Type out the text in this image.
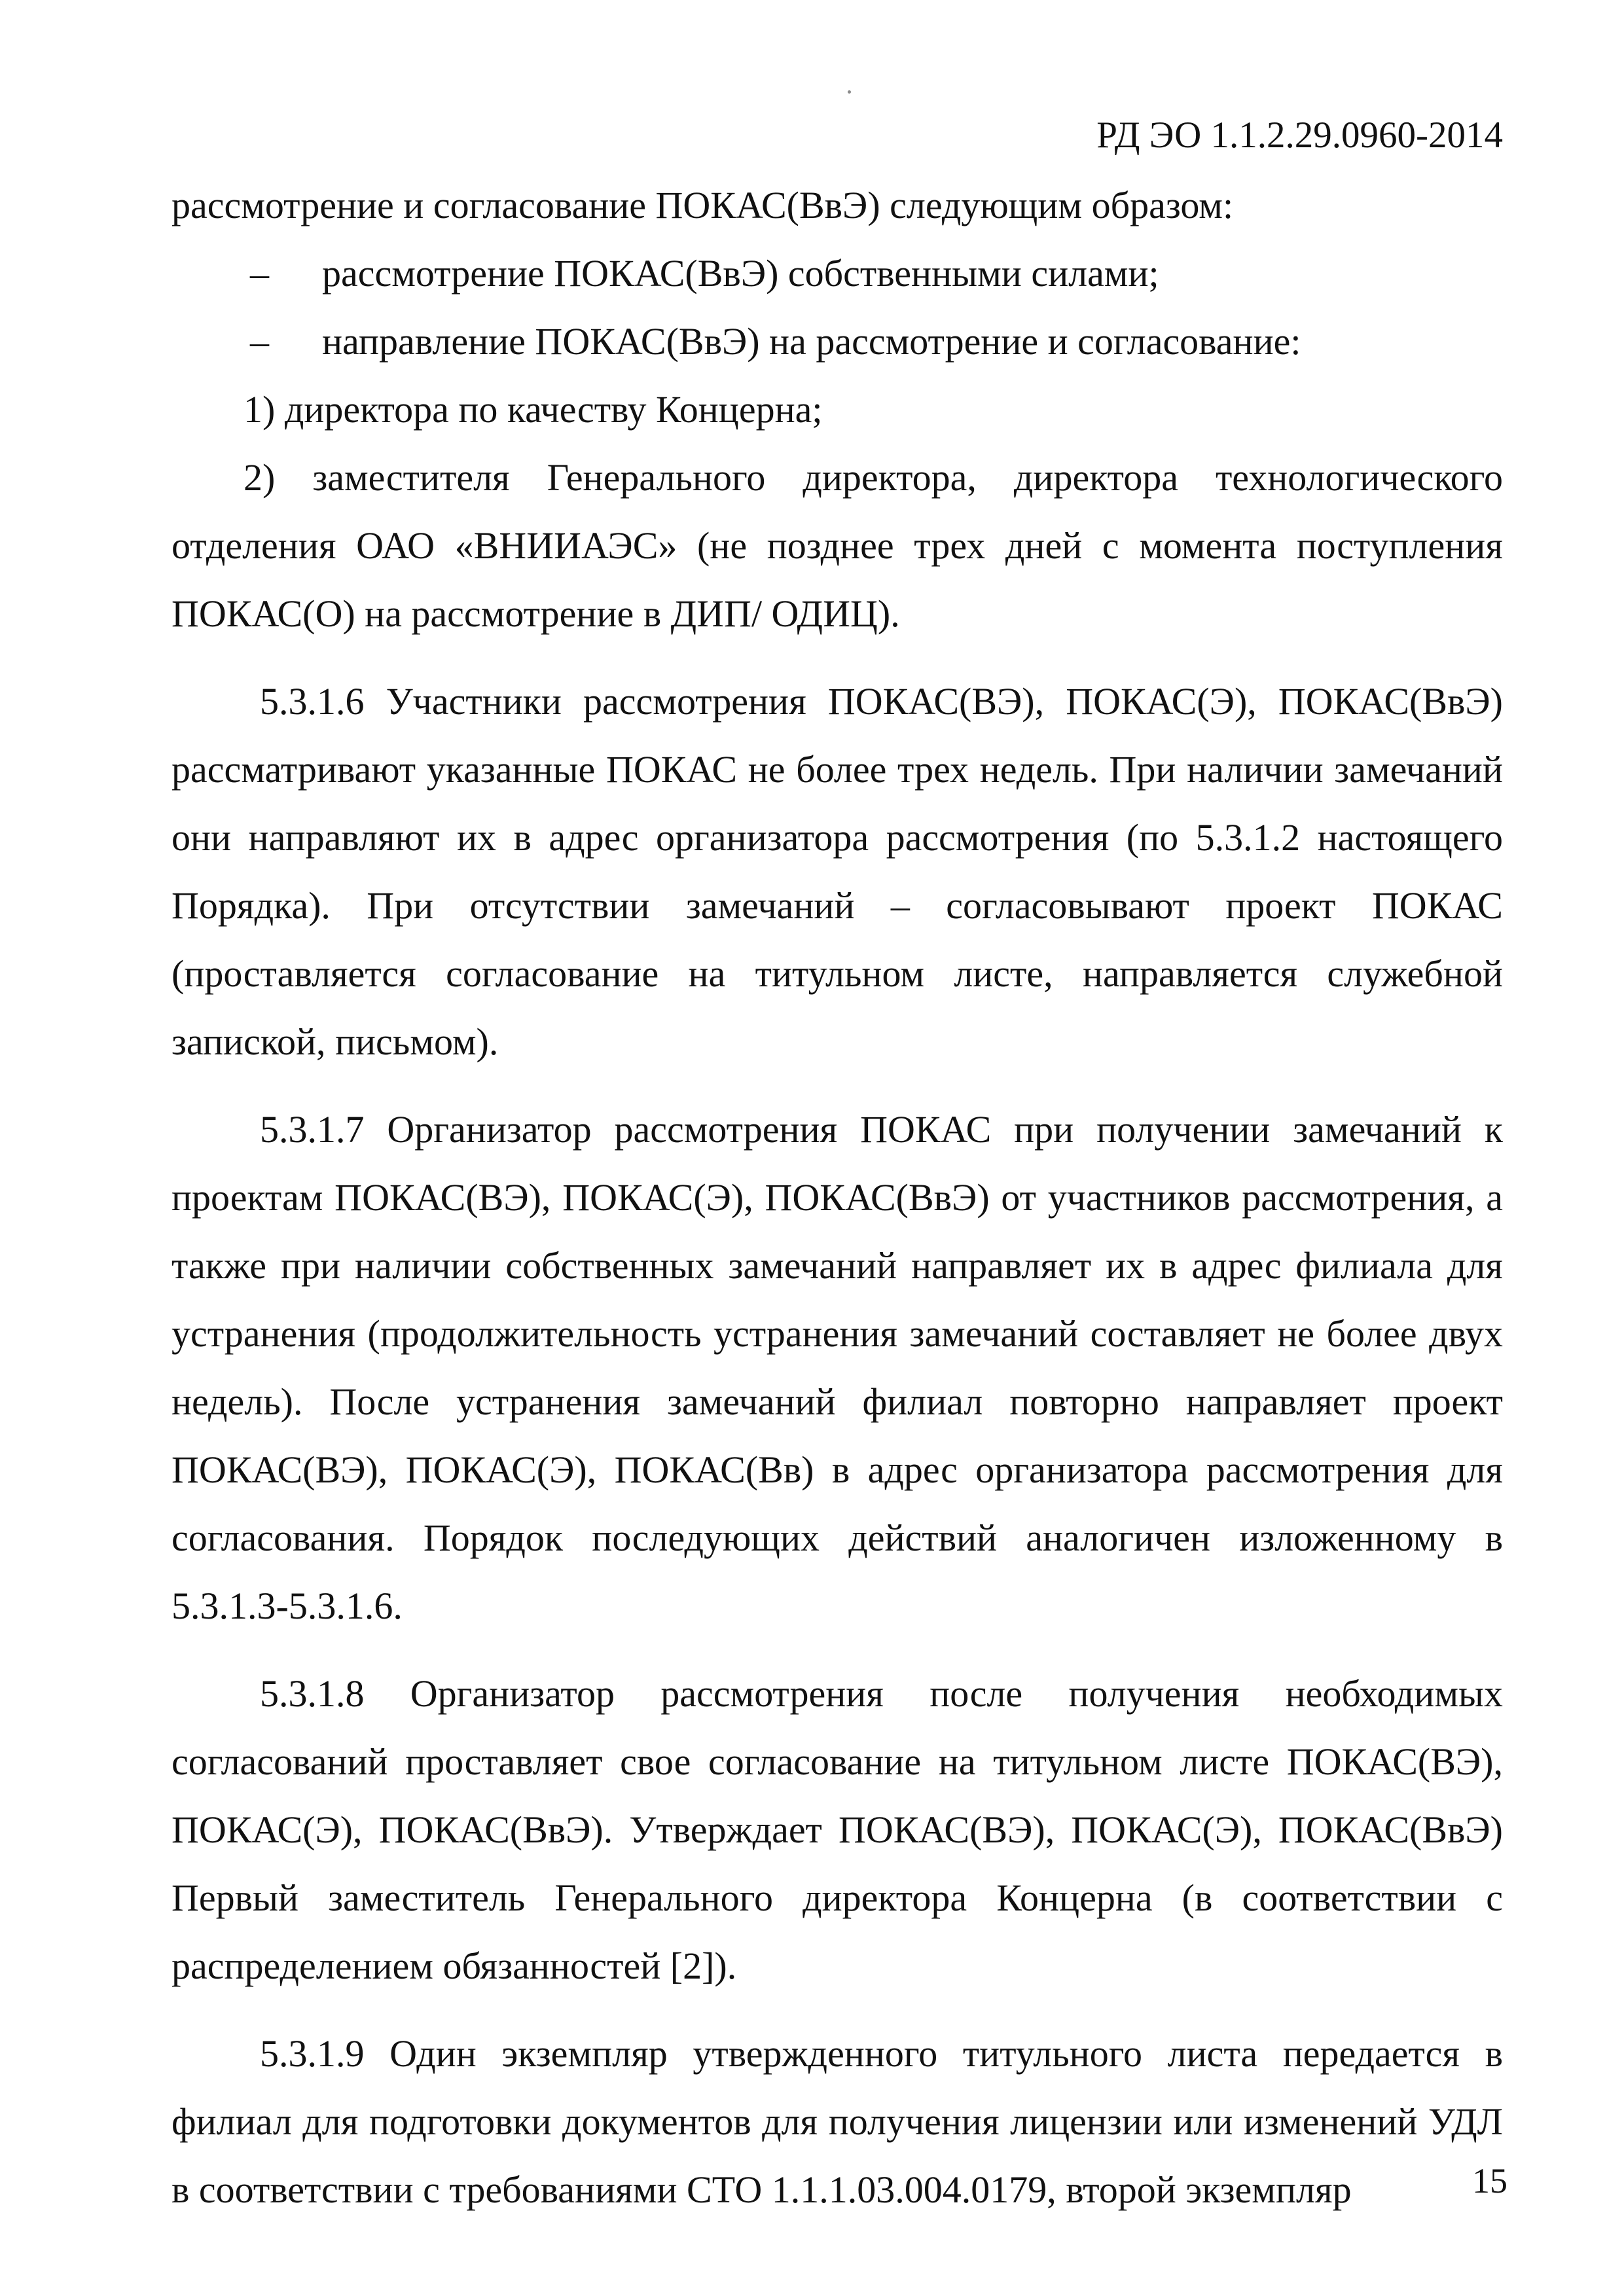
РД ЭО 1.1.2.29.0960-2014

рассмотрение и согласование ПОКАС(ВвЭ) следующим образом:

– рассмотрение ПОКАС(ВвЭ) собственными силами;

– направление ПОКАС(ВвЭ) на рассмотрение и согласование:

1) директора по качеству Концерна;

2) заместителя Генерального директора, директора технологического отделения ОАО «ВНИИАЭС» (не позднее трех дней с момента поступления ПОКАС(О) на рассмотрение в ДИП/ ОДИЦ).

5.3.1.6 Участники рассмотрения ПОКАС(ВЭ), ПОКАС(Э), ПОКАС(ВвЭ) рассматривают указанные ПОКАС не более трех недель. При наличии замечаний они направляют их в адрес организатора рассмотрения (по 5.3.1.2 настоящего Порядка). При отсутствии замечаний – согласовывают проект ПОКАС (проставляется согласование на титульном листе, направляется служебной запиской, письмом).

5.3.1.7 Организатор рассмотрения ПОКАС при получении замечаний к проектам ПОКАС(ВЭ), ПОКАС(Э), ПОКАС(ВвЭ) от участников рассмотрения, а также при наличии собственных замечаний направляет их в адрес филиала для устранения (продолжительность устранения замечаний составляет не более двух недель). После устранения замечаний филиал повторно направляет проект ПОКАС(ВЭ), ПОКАС(Э), ПОКАС(Вв) в адрес организатора рассмотрения для согласования. Порядок последующих действий аналогичен изложенному в 5.3.1.3-5.3.1.6.

5.3.1.8 Организатор рассмотрения после получения необходимых согласований проставляет свое согласование на титульном листе ПОКАС(ВЭ), ПОКАС(Э), ПОКАС(ВвЭ). Утверждает ПОКАС(ВЭ), ПОКАС(Э), ПОКАС(ВвЭ) Первый заместитель Генерального директора Концерна (в соответствии с распределением обязанностей [2]).

5.3.1.9 Один экземпляр утвержденного титульного листа передается в филиал для подготовки документов для получения лицензии или изменений УДЛ в соответствии с требованиями СТО 1.1.1.03.004.0179, второй экземпляр	15
